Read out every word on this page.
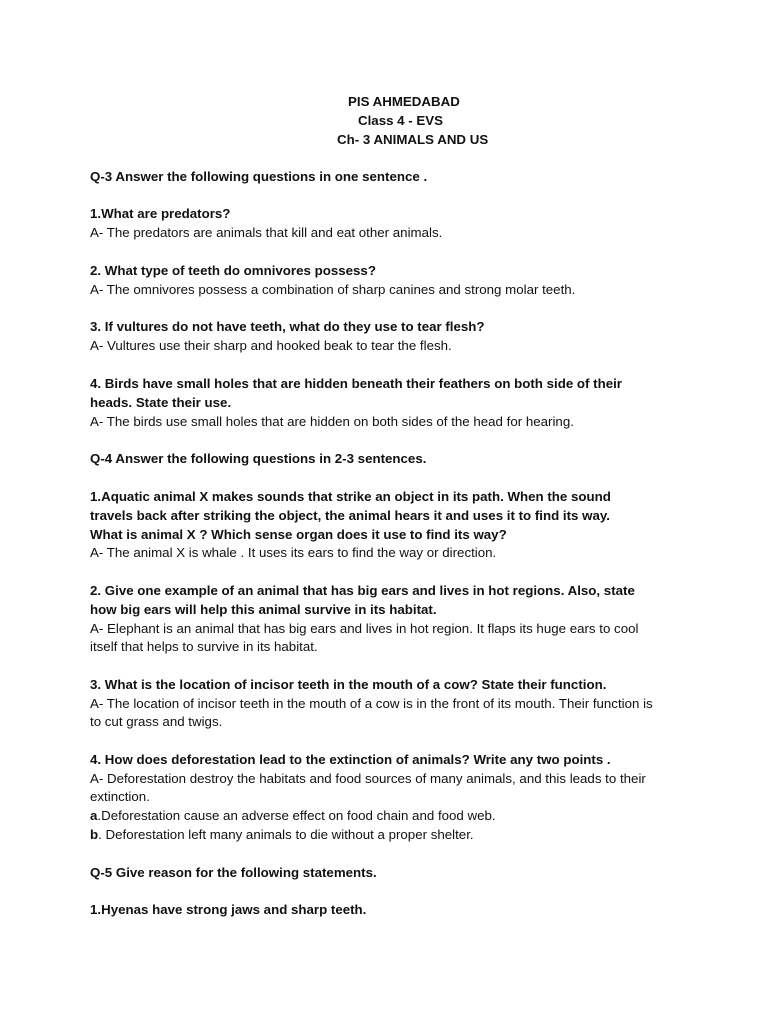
PIS AHMEDABAD
Class 4 - EVS
Ch- 3 ANIMALS AND US
Q-3 Answer the following questions in one sentence .
1.What are predators?
A- The predators are animals that kill and eat other animals.
2. What type of teeth do omnivores possess?
A- The omnivores possess a combination of sharp canines and strong molar teeth.
3. If vultures do not have teeth, what do they use to tear flesh?
A- Vultures use their sharp and hooked beak to tear the flesh.
4. Birds have small holes that are hidden beneath their feathers on both side of their
heads. State their use.
A- The birds use small holes that are hidden on both sides of the head for hearing.
Q-4 Answer the following questions in 2-3 sentences.
1.Aquatic animal X makes sounds that strike an object in its path. When the sound
travels back after striking the object, the animal hears it and uses it to find its way.
What is animal X ? Which sense organ does it use to find its way?
A- The animal X is whale . It uses its ears to find the way or direction.
2. Give one example of an animal that has big ears and lives in hot regions. Also, state
how big ears will help this animal survive in its habitat.
A- Elephant is an animal that has big ears and lives in hot region. It flaps its huge ears to cool
itself that helps to survive in its habitat.
3. What is the location of incisor teeth in the mouth of a cow? State their function.
A- The location of incisor teeth in the mouth of a cow is in the front of its mouth. Their function is
to cut grass and twigs.
4. How does deforestation lead to the extinction of animals? Write any two points .
A- Deforestation destroy the habitats and food sources of many animals, and this leads to their
extinction.
a.Deforestation cause an adverse effect on food chain and food web.
b. Deforestation left many animals to die without a proper shelter.
Q-5 Give reason for the following statements.
1.Hyenas have strong jaws and sharp teeth.
